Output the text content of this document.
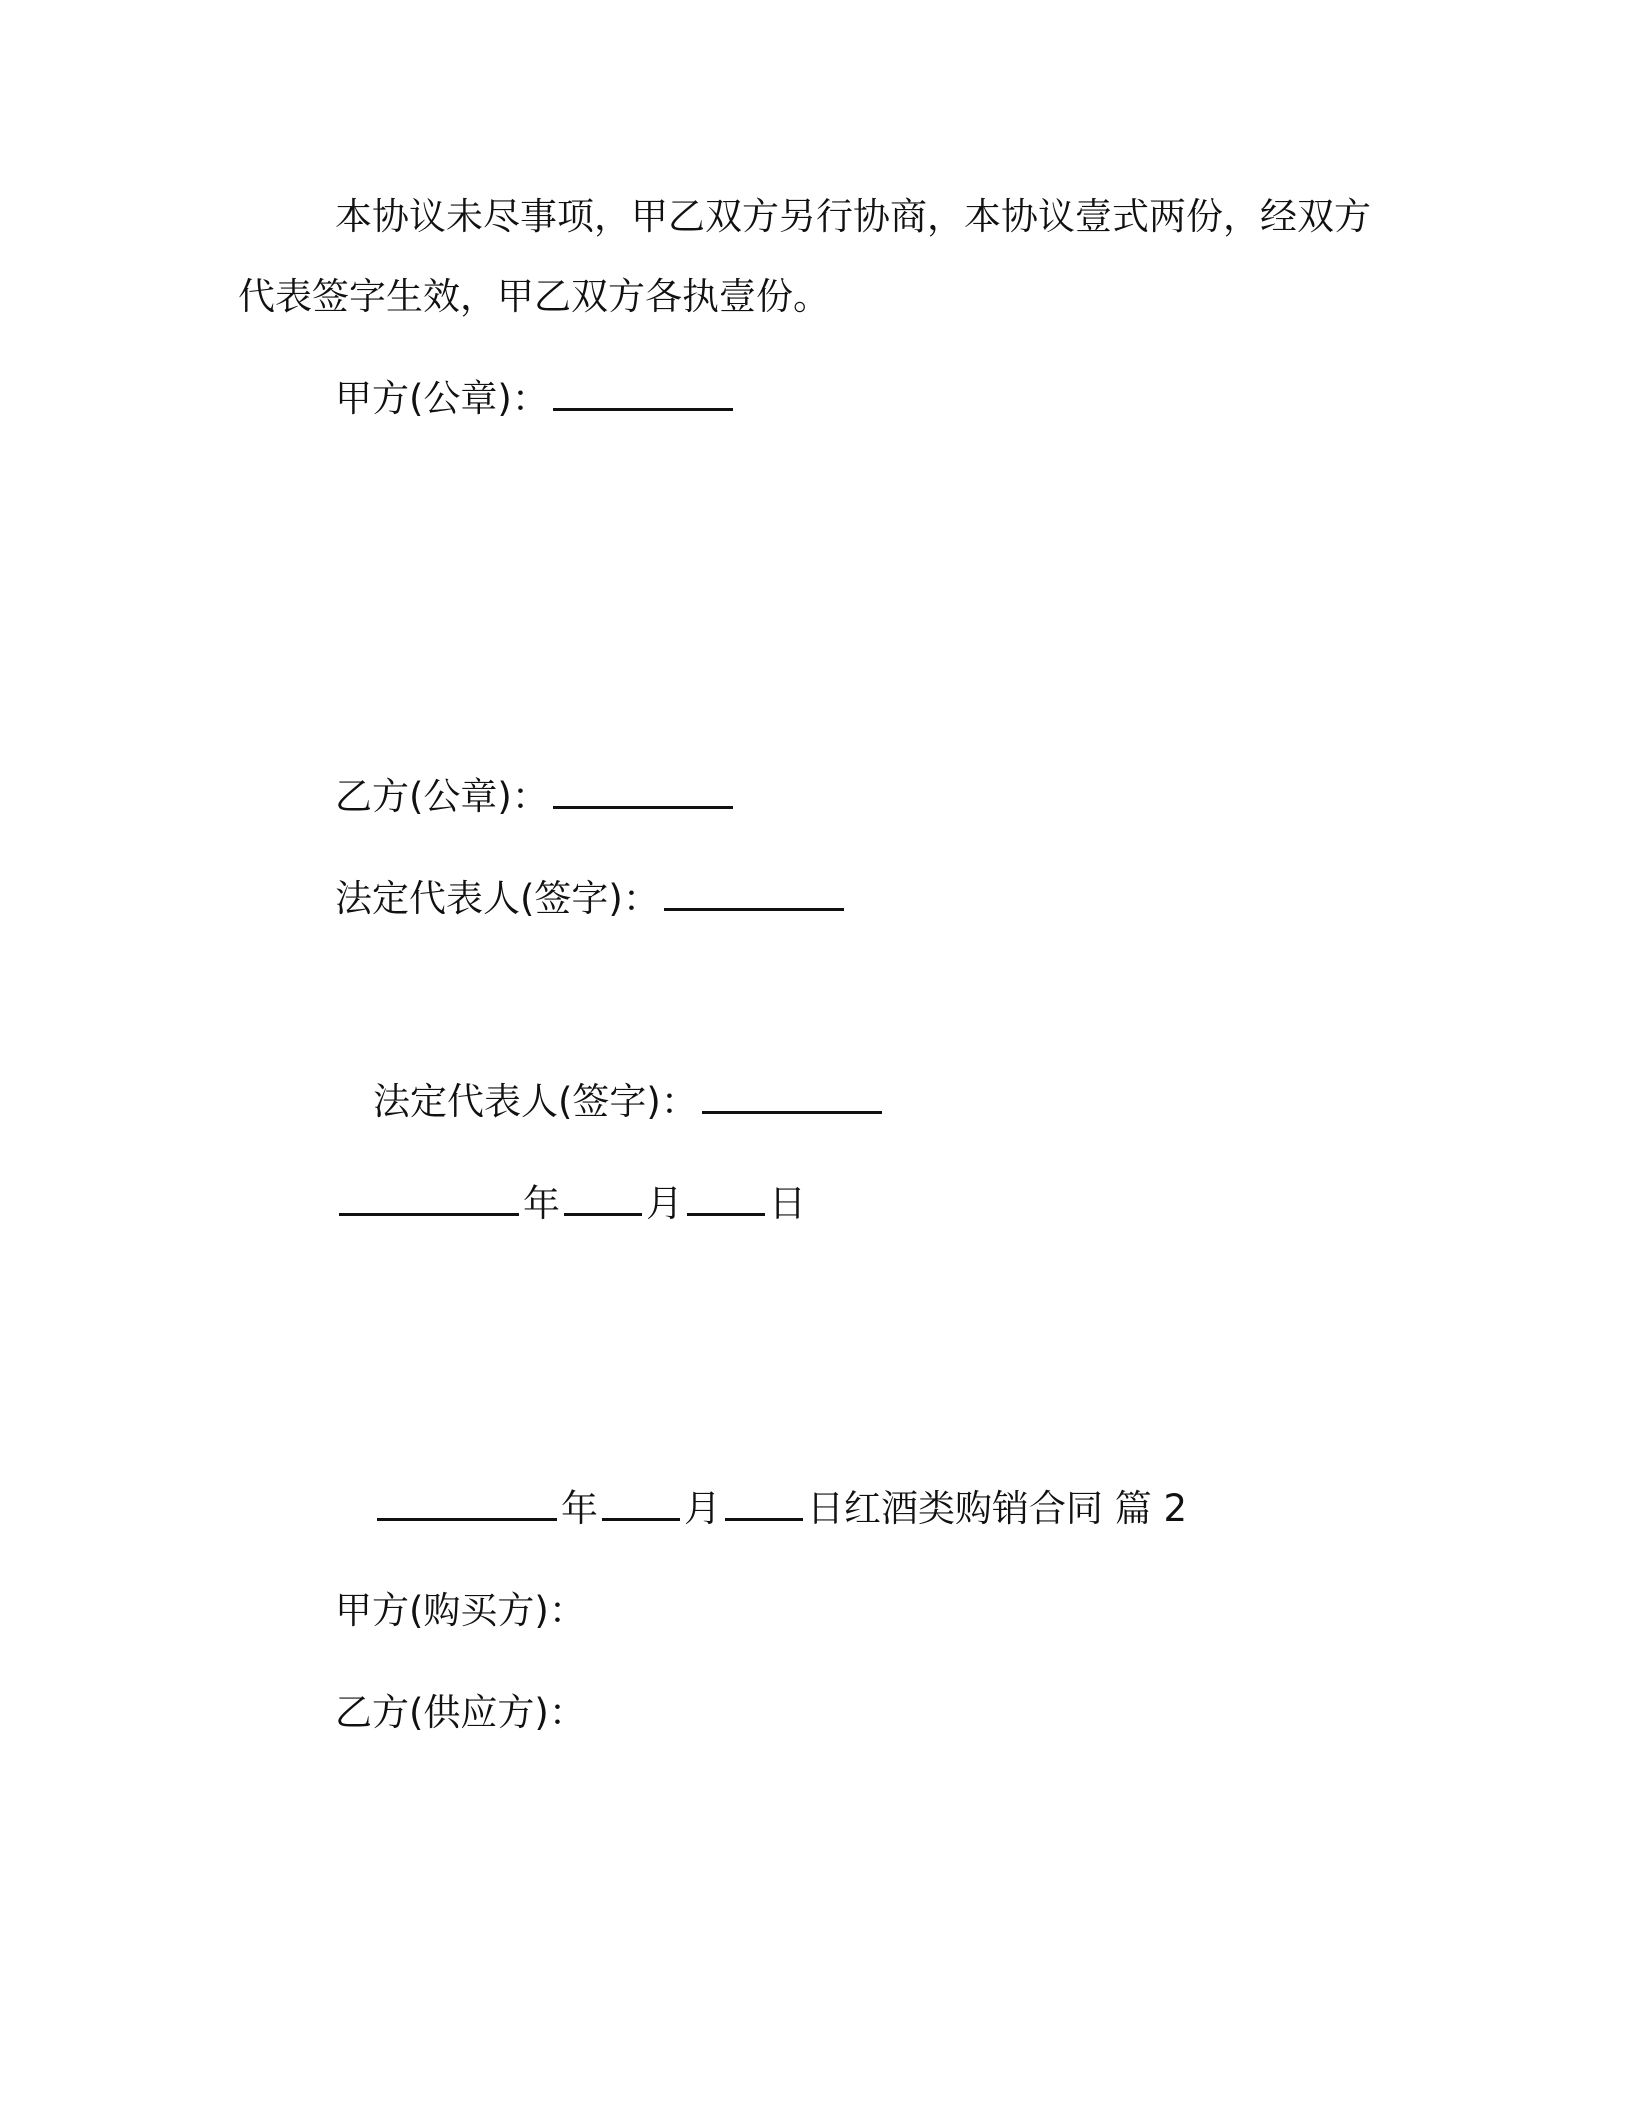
本协议未尽事项，甲乙双方另行协商，本协议壹式两份，经双方
代表签字生效，甲乙双方各执壹份。
甲方(公章)：
乙方(公章)：
法定代表人(签字)：
法定代表人(签字)：
年 月 日
年 月 日红酒类购销合同 篇 2
甲方(购买方)：
乙方(供应方)：
